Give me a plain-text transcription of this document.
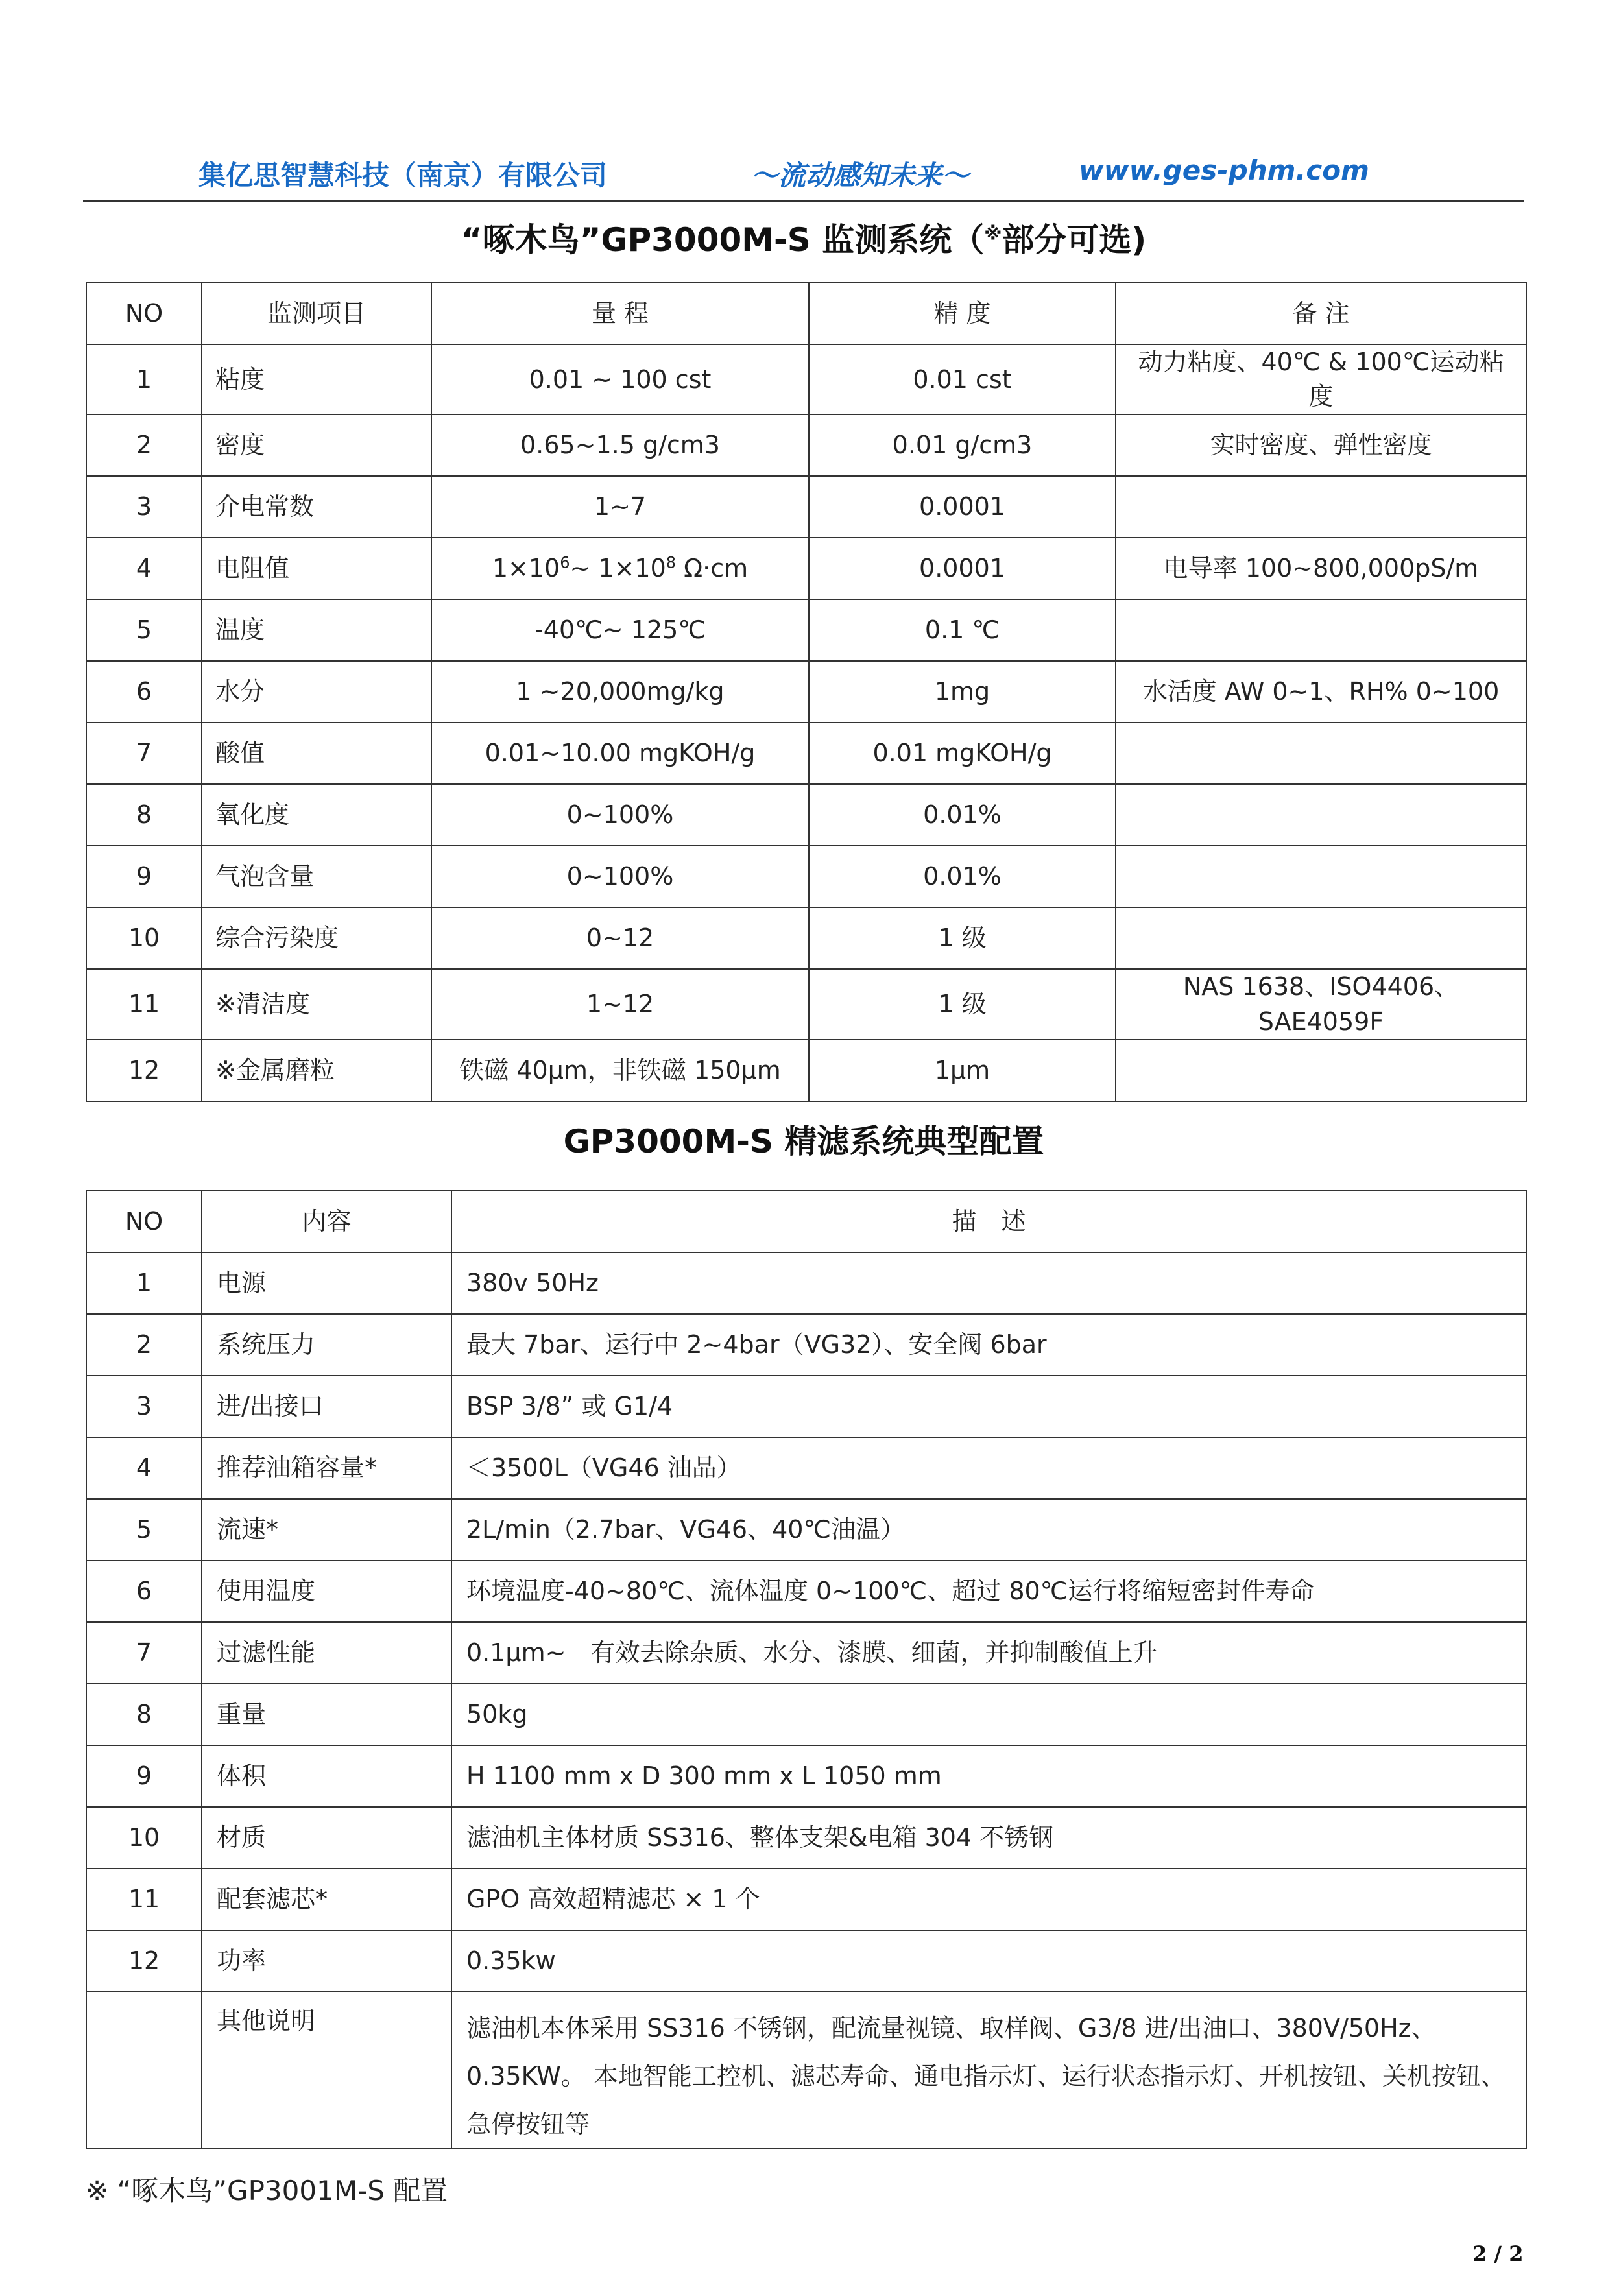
集亿思智慧科技（南京）有限公司	～流动感知未来～	www.ges-phm.com
“啄木鸟”GP3000M-S 监测系统（※部分可选)
NO	监测项目	量 程	精 度	备 注
1	粘度	0.01 ~ 100 cst	0.01 cst	动力粘度、40℃ & 100℃运动粘度
2	密度	0.65~1.5 g/cm3	0.01 g/cm3	实时密度、弹性密度
3	介电常数	1~7	0.0001	
4	电阻值	$1\times 10^6\sim$ $1\times 10^8$ Ω·cm	0.0001	电导率 100~800,000pS/m
5	温度	-40℃~ 125℃	0.1 ℃	
6	水分	1 ~20,000mg/kg	1mg	水活度 AW 0~1、RH% 0~100
7	酸值	0.01~10.00 mgKOH/g	0.01 mgKOH/g	
8	氧化度	0~100%	0.01%	
9	气泡含量	0~100%	0.01%	
10	综合污染度	0~12	1 级	
11	※清洁度	1~12	1 级	NAS 1638、ISO4406、SAE4059F
12	※金属磨粒	铁磁 40μm，非铁磁 150μm	1μm	
GP3000M-S 精滤系统典型配置
NO	内容	描　述
1	电源	380v 50Hz
2	系统压力	最大 7bar、运行中 2~4bar（VG32）、安全阀 6bar
3	进/出接口	BSP 3/8” 或 G1/4
4	推荐油箱容量*	＜3500L（VG46 油品）
5	流速*	2L/min（2.7bar、VG46、40℃油温）
6	使用温度	环境温度-40~80℃、流体温度 0~100℃、超过 80℃运行将缩短密封件寿命
7	过滤性能	0.1μm~　有效去除杂质、水分、漆膜、细菌，并抑制酸值上升
8	重量	50kg
9	体积	H 1100 mm x D 300 mm x L 1050 mm
10	材质	滤油机主体材质 SS316、整体支架&电箱 304 不锈钢
11	配套滤芯*	GPO 高效超精滤芯 × 1 个
12	功率	0.35kw
	其他说明	滤油机本体采用 SS316 不锈钢，配流量视镜、取样阀、G3/8 进/出油口、380V/50Hz、0.35KW。 本地智能工控机、滤芯寿命、通电指示灯、运行状态指示灯、开机按钮、关机按钮、急停按钮等
※ “啄木鸟”GP3001M-S 配置
2 / 2
